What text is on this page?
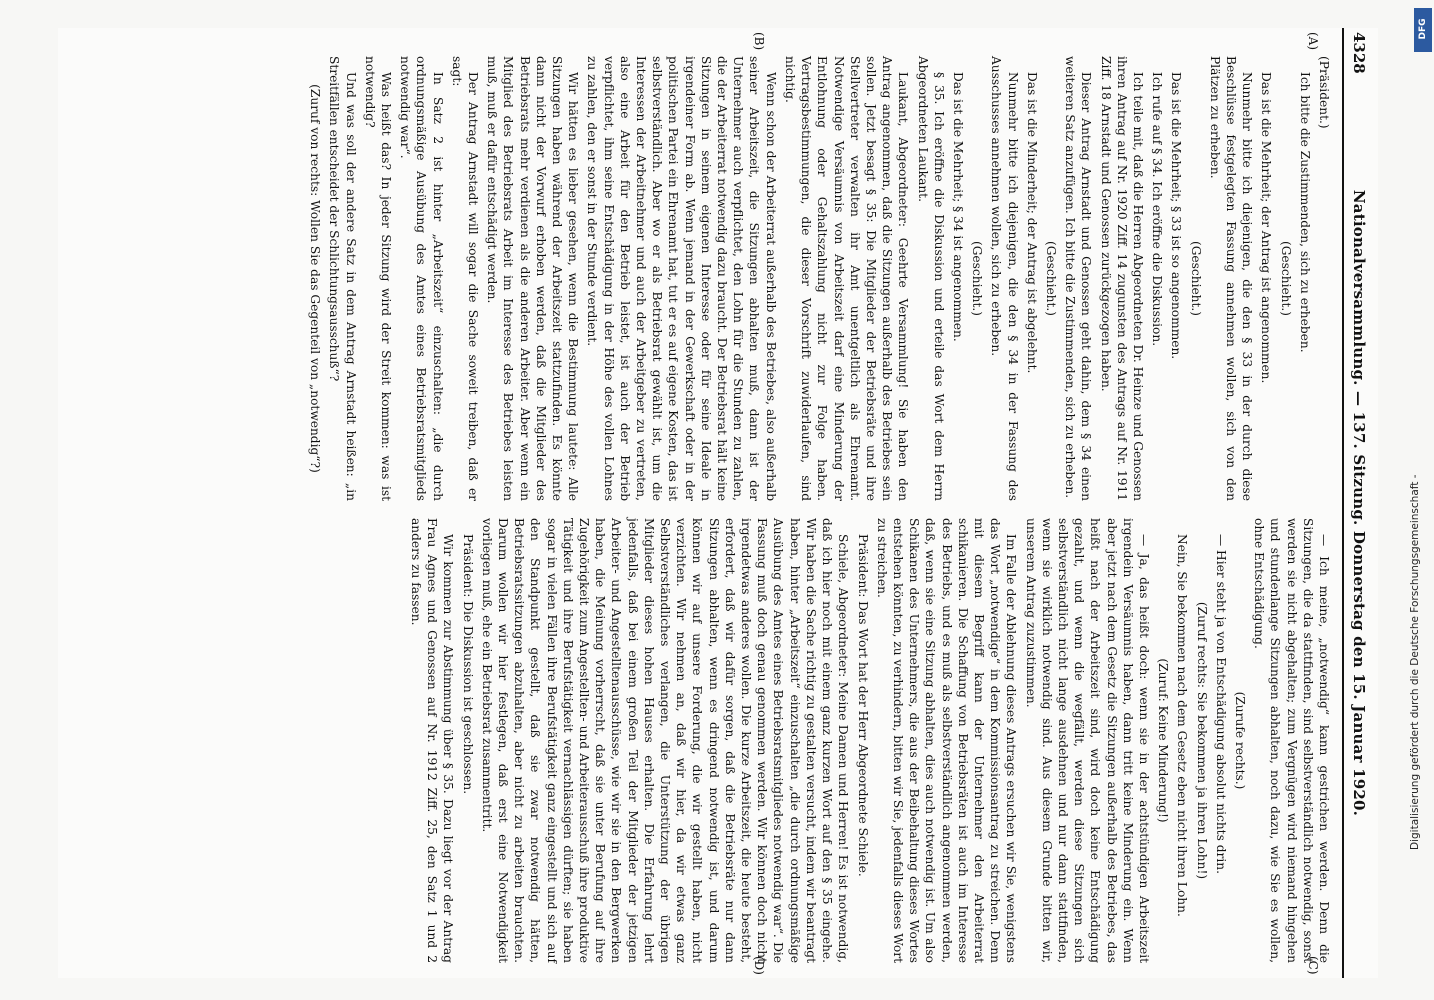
4328
Nationalversammlung. — 137. Sitzung. Donnerstag den 15. Januar 1920.
(A)
(B)
(C)
(D)

(Präsident.)

Ich bitte die Zustimmenden, sich zu erheben.

(Geschieht.)

Das ist die Mehrheit; der Antrag ist angenommen.

Nunmehr bitte ich diejenigen, die den § 33 in der durch diese Beschlüsse festgelegten Fassung annehmen wollen, sich von den Plätzen zu erheben.

(Geschieht.)

Das ist die Mehrheit; § 33 ist so angenommen.

Ich rufe auf § 34. Ich eröffne die Diskussion.

Ich teile mit, daß die Herren Abgeordneten Dr. Heinze und Genossen ihren Antrag auf Nr. 1920 Ziff. 14 zugunsten des Antrags auf Nr. 1911 Ziff. 18 Arnstadt und Genossen zurückgezogen haben.

Dieser Antrag Arnstadt und Genossen geht dahin, dem § 34 einen weiteren Satz anzufügen. Ich bitte die Zustimmenden, sich zu erheben.

(Geschieht.)

Das ist die Minderheit; der Antrag ist abgelehnt.

Nunmehr bitte ich diejenigen, die den § 34 in der Fassung des Ausschusses annehmen wollen, sich zu erheben.

(Geschieht.)

Das ist die Mehrheit; § 34 ist angenommen.

§ 35. Ich eröffne die Diskussion und erteile das Wort dem Herrn Abgeordneten Laukant.

Laukant, Abgeordneter: Geehrte Versammlung! Sie haben den Antrag angenommen, daß die Sitzungen außerhalb des Betriebes sein sollen. Jetzt besagt § 35: Die Mitglieder der Betriebsräte und ihre Stellvertreter verwalten ihr Amt unentgeltlich als Ehrenamt. Notwendige Versäumnis von Arbeitszeit darf eine Minderung der Entlohnung oder Gehaltszahlung nicht zur Folge haben. Vertragsbestimmungen, die dieser Vorschrift zuwiderlaufen, sind nichtig.

Wenn schon der Arbeiterrat außerhalb des Betriebes, also außerhalb seiner Arbeitszeit, die Sitzungen abhalten muß, dann ist der Unternehmer auch verpflichtet, den Lohn für die Stunden zu zahlen, die der Arbeiterrat notwendig dazu braucht. Der Betriebsrat hält keine Sitzungen in seinem eigenen Interesse oder für seine Ideale in irgendeiner Form ab. Wenn jemand in der Gewerkschaft oder in der politischen Partei ein Ehrenamt hat, tut er es auf eigene Kosten, das ist selbstverständlich. Aber wo er als Betriebsrat gewählt ist, um die Interessen der Arbeitnehmer und auch der Arbeitgeber zu vertreten, also eine Arbeit für den Betrieb leistet, ist auch der Betrieb verpflichtet, ihm seine Entschädigung in der Höhe des vollen Lohnes zu zahlen, den er sonst in der Stunde verdient.

Wir hätten es lieber gesehen, wenn die Bestimmung lautete: Alle Sitzungen haben während der Arbeitszeit stattzufinden. Es könnte dann nicht der Vorwurf erhoben werden, daß die Mitglieder des Betriebsrats mehr verdienen als die anderen Arbeiter. Aber wenn ein Mitglied des Betriebsrats Arbeit im Interesse des Betriebes leisten muß, muß er dafür entschädigt werden.

Der Antrag Arnstadt will sogar die Sache soweit treiben, daß er sagt:

In Satz 2 ist hinter „Arbeitszeit“ einzuschalten: „die durch ordnungsmäßige Ausübung des Amtes eines Betriebsratsmitglieds notwendig war“.

Was heißt das? In jeder Sitzung wird der Streit kommen: was ist notwendig?

Und was soll der andere Satz in dem Antrag Arnstadt heißen: „in Streitfällen entscheidet der Schlichtungsausschuß“?

(Zuruf von rechts: Wollen Sie das Gegenteil von „notwendig“?)

— Ich meine, „notwendig“ kann gestrichen werden. Denn die Sitzungen, die da stattfinden, sind selbstverständlich notwendig, sonst werden sie nicht abgehalten; zum Vergnügen wird niemand hingehen und stundenlange Sitzungen abhalten, noch dazu, wie Sie es wollen, ohne Entschädigung.

(Zurufe rechts.)

— Hier steht ja von Entschädigung absolut nichts drin.

(Zuruf rechts: Sie bekommen ja ihren Lohn!)

Nein, Sie bekommen nach dem Gesetz eben nicht ihren Lohn.

(Zuruf: Keine Minderung!)

— Ja, das heißt doch: wenn sie in der achtstündigen Arbeitszeit irgendein Versäumnis haben, dann tritt keine Minderung ein. Wenn aber jetzt nach dem Gesetz die Sitzungen außerhalb des Betriebes, das heißt nach der Arbeitszeit sind, wird doch keine Entschädigung gezahlt, und wenn die wegfällt, werden diese Sitzungen sich selbstverständlich nicht lange ausdehnen und nur dann stattfinden, wenn sie wirklich notwendig sind. Aus diesem Grunde bitten wir, unserem Antrag zuzustimmen.

Im Falle der Ablehnung dieses Antrags ersuchen wir Sie, wenigstens das Wort „notwendige“ in dem Kommissionsantrag zu streichen. Denn mit diesem Begriff kann der Unternehmer den Arbeiterrat schikanieren. Die Schaffung von Betriebsräten ist auch im Interesse des Betriebs, und es muß als selbstverständlich angenommen werden, daß, wenn sie eine Sitzung abhalten, dies auch notwendig ist. Um also Schikanen des Unternehmers, die aus der Beibehaltung dieses Wortes entstehen könnten, zu verhindern, bitten wir Sie, jedenfalls dieses Wort zu streichen.

Präsident: Das Wort hat der Herr Abgeordnete Schiele.

Schiele, Abgeordneter: Meine Damen und Herren! Es ist notwendig, daß ich hier noch mit einem ganz kurzen Wort auf den § 35 eingehe. Wir haben die Sache richtig zu gestalten versucht, indem wir beantragt haben, hinter „Arbeitszeit“ einzuschalten „die durch ordnungsmäßige Ausübung des Amtes eines Betriebsratsmitgliedes notwendig war“. Die Fassung muß doch genau genommen werden. Wir können doch nicht irgendetwas anderes wollen. Die kurze Arbeitszeit, die heute besteht, erfordert, daß wir dafür sorgen, daß die Betriebsräte nur dann Sitzungen abhalten, wenn es dringend notwendig ist, und darum können wir auf unsere Forderung, die wir gestellt haben, nicht verzichten. Wir nehmen an, daß wir hier, da wir etwas ganz Selbstverständliches verlangen, die Unterstützung der übrigen Mitglieder dieses hohen Hauses erhalten. Die Erfahrung lehrt jedenfalls, daß bei einem großen Teil der Mitglieder der jetzigen Arbeiter- und Angestelltenausschüsse, wie wir sie in den Bergwerken haben, die Meinung vorherrscht, daß sie unter Berufung auf ihre Zugehörigkeit zum Angestellten- und Arbeiterausschuß ihre produktive Tätigkeit und ihre Berufstätigkeit vernachlässigen dürften; sie haben sogar in vielen Fällen ihre Berufstätigkeit ganz eingestellt und sich auf den Standpunkt gestellt, daß sie zwar notwendig hätten, Betriebsratssitzungen abzuhalten, aber nicht zu arbeiten brauchten. Darum wollen wir hier festlegen, daß erst eine Notwendigkeit vorliegen muß, ehe ein Betriebsrat zusammentritt.

Präsident: Die Diskussion ist geschlossen.

Wir kommen zur Abstimmung über § 35. Dazu liegt vor der Antrag Frau Agnes und Genossen auf Nr. 1912 Ziff. 25, den Satz 1 und 2 anders zu fassen.	Digitalisierung gefördert durch die Deutsche Forschungsgemeinschaft -
DFG
